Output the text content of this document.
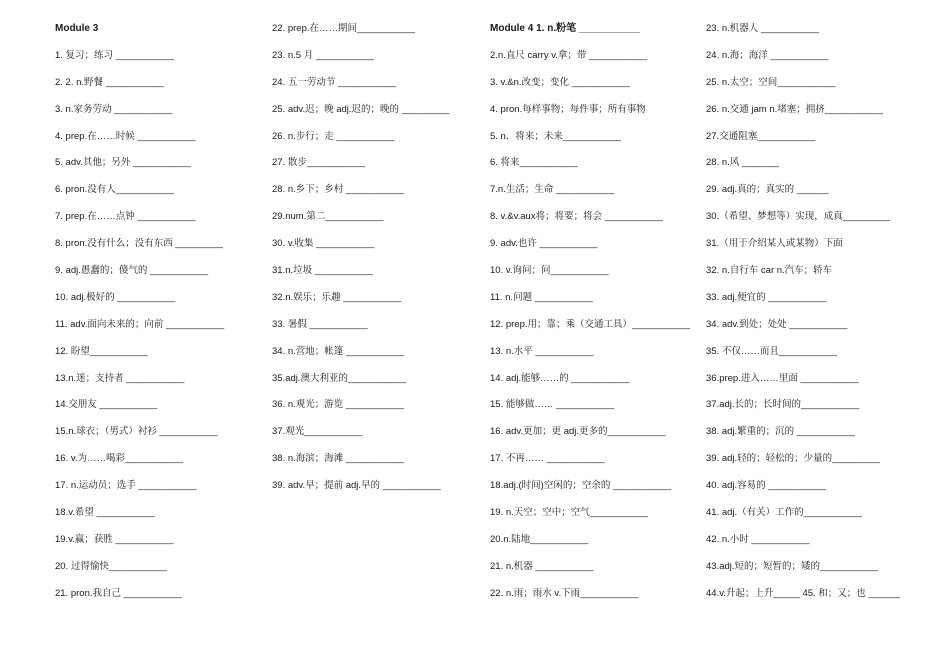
Module 3
1. 复习；练习 ___________
2. 2. n.野餐 ___________
3. n.家务劳动 ___________
4. prep.在……时候 ___________
5. adv.其他；另外 ___________
6. pron.没有人___________
7. prep.在……点钟 ___________
8. pron.没有什么；没有东西 _________
9. adj.愚蠢的；傻气的 ___________
10. adj.极好的 ___________
11. adv.面向未来的；向前 ___________
12. 盼望___________
13.n.迷；支持者 ___________
14.交朋友 ___________
15.n.球衣；（男式）衬衫 ___________
16. v.为……喝彩___________
17. n.运动员；选手 ___________
18.v.希望 ___________
19.v.赢；获胜 ___________
20. 过得愉快___________
21. pron.我自己 ___________
22. prep.在……期间___________
23. n.5 月 ___________
24. 五一劳动节 ___________
25. adv.迟；晚 adj.迟的；晚的 _________
26. n.步行；走 ___________
27. 散步___________
28. n.乡下；乡村 ___________
29.num.第二___________
30. v.收集 ___________
31.n.垃圾 ___________
32.n.娱乐；乐趣 ___________
33. 暑假 ___________
34. n.营地；帐篷 ___________
35.adj.澳大利亚的___________
36. n.观光；游览 ___________
37.观光___________
38. n.海滨；海滩 ___________
39. adv.早；提前 adj.早的 ___________
Module 4 1. n.粉笔 ___________
2.n.直尺 carry v.拿；带 ___________
3. v.&n.改变；变化 ___________
4. pron.每样事物；每件事；所有事物
5. n．将来；未来___________
6. 将来___________
7.n.生活；生命 ___________
8. v.&v.aux将；将要；将会 ___________
9. adv.也许 ___________
10. v.询问；问___________
11. n.问题 ___________
12. prep.用；靠；乘（交通工具）___________
13. n.水平 ___________
14. adj.能够……的 ___________
15. 能够做…… ___________
16. adv.更加；更 adj.更多的___________
17. 不再…… ___________
18.adj.(时间)空闲的；空余的 ___________
19. n.天空；空中；空气___________
20.n.陆地___________
21. n.机器 ___________
22. n.雨；雨水 v.下雨___________
23. n.机器人 ___________
24. n.海；海洋 ___________
25. n.太空；空间___________
26. n.交通 jam n.堵塞；拥挤___________
27.交通阻塞___________
28. n.风 _______
29. adj.真的；真实的 ______
30.（希望、梦想等）实现，成真_________
31.（用于介绍某人或某物）下面
32. n.自行车 car n.汽车；轿车
33. adj.便宜的 ___________
34. adv.到处；处处 ___________
35. 不仅……而且___________
36.prep.进入……里面 ___________
37.adj.长的；长时间的___________
38. adj.繁重的；沉的 ___________
39. adj.轻的；轻松的；少量的_________
40. adj.容易的 ___________
41. adj.（有关）工作的___________
42. n.小时 ___________
43.adj.短的；短暂的；矮的___________
44.v.升起；上升_____ 45. 和；又；也 ______
